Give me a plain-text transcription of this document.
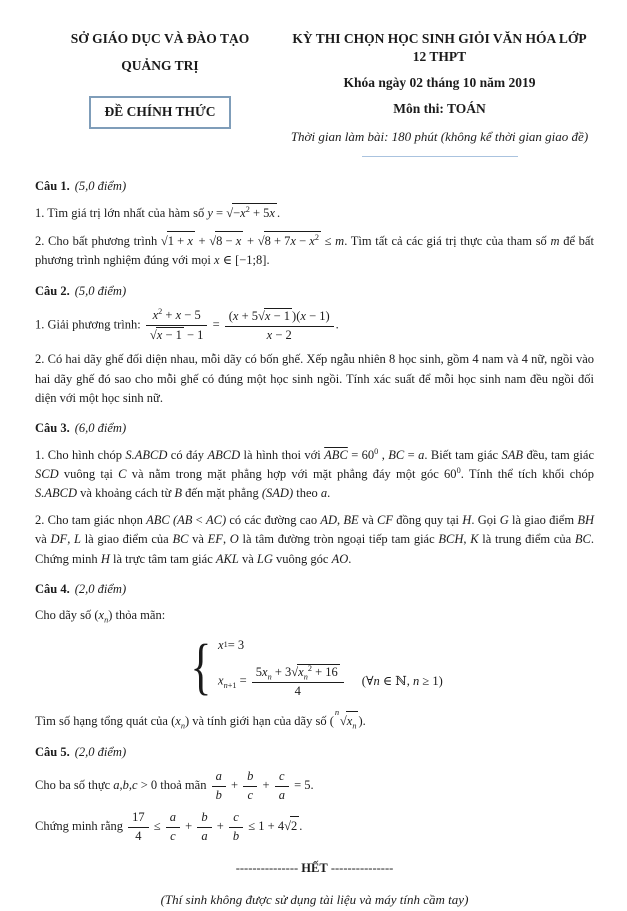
SỞ GIÁO DỤC VÀ ĐÀO TẠO
QUẢNG TRỊ
ĐỀ CHÍNH THỨC
KỲ THI CHỌN HỌC SINH GIỎI VĂN HÓA LỚP 12 THPT
Khóa ngày 02 tháng 10 năm 2019
Môn thi: TOÁN
Thời gian làm bài: 180 phút (không kể thời gian giao đề)

Câu 1. (5,0 điểm)

1. Tìm giá trị lớn nhất của hàm số y = √ $-x^2 + 5x$ .

2. Cho bất phương trình √ 1 + x + √ 8 − x + √ $8 + 7x - x^2 \le m$. Tìm tất cả các giá trị thực của tham số m để bất phương trình nghiệm đúng với mọi x ∈ [−1;8].

Câu 2. (5,0 điểm)

1. Giải phương trình: $\frac{x^2 + x - 5}{√ x - 1 - 1} = \frac{(x + 5 √ x - 1 )(x - 1)}{x - 2}$ .

2. Có hai dãy ghế đối diện nhau, mỗi dãy có bốn ghế. Xếp ngẫu nhiên 8 học sinh, gồm 4 nam và 4 nữ, ngồi vào hai dãy ghế đó sao cho mỗi ghế có đúng một học sinh ngồi. Tính xác suất để mỗi học sinh nam đều ngồi đối diện với một học sinh nữ.

Câu 3. (6,0 điểm)

1. Cho hình chóp S.ABCD có đáy ABCD là hình thoi với $\overline{ABC} = 60^0$ , BC = a. Biết tam giác SAB đều, tam giác SCD vuông tại C và nằm trong mặt phẳng hợp với mặt phẳng đáy một góc $60^0$. Tính thể tích khối chóp S.ABCD và khoảng cách từ B đến mặt phẳng (SAD) theo a.

2. Cho tam giác nhọn ABC (AB < AC) có các đường cao AD, BE và CF đồng quy tại H. Gọi G là giao điểm BH và DF, L là giao điểm của BC và EF, O là tâm đường tròn ngoại tiếp tam giác BCH, K là trung điểm của BC. Chứng minh H là trực tâm tam giác AKL và LG vuông góc AO.

Câu 4. (2,0 điểm)

Cho dãy số $(x_n)$ thỏa mãn:

{ x 1 = 3
$x_{n+1} = \frac{5x_n + 3 √ x_n^2 + 16}{4}$ (∀n ∈ ℕ, n ≥ 1)

Tìm số hạng tổng quát của $(x_n)$ và tính giới hạn của dãy số (
n
√ $x_n$ ).

Câu 5. (2,0 điểm)

Cho ba số thực a,b,c > 0 thoả mãn $\frac{a}{b} + \frac{b}{c} + \frac{c}{a} = 5$.

Chứng minh rằng $\frac{17}{4} \le \frac{a}{c} + \frac{b}{a} + \frac{c}{b} \le 1 + 4$ √ 2 .

--------------- HẾT ---------------

(Thí sinh không được sử dụng tài liệu và máy tính cầm tay)
